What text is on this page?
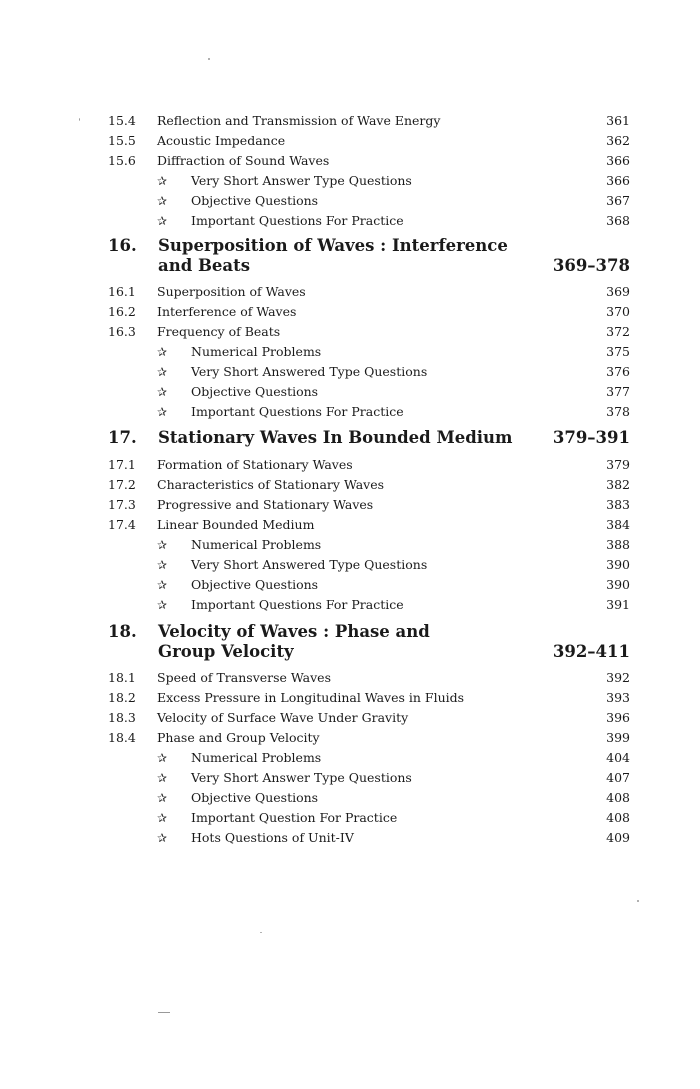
15.4 Reflection and Transmission of Wave Energy	361
15.5 Acoustic Impedance	362
15.6 Diffraction of Sound Waves	366
✰ Very Short Answer Type Questions	366
✰ Objective Questions	367
✰ Important Questions For Practice	368
16. Superposition of Waves : Interference
and Beats	369–378
16.1 Superposition of Waves	369
16.2 Interference of Waves	370
16.3 Frequency of Beats	372
✰ Numerical Problems	375
✰ Very Short Answered Type Questions	376
✰ Objective Questions	377
✰ Important Questions For Practice	378
17. Stationary Waves In Bounded Medium	379–391
17.1 Formation of Stationary Waves	379
17.2 Characteristics of Stationary Waves	382
17.3 Progressive and Stationary Waves	383
17.4 Linear Bounded Medium	384
✰ Numerical Problems	388
✰ Very Short Answered Type Questions	390
✰ Objective Questions	390
✰ Important Questions For Practice	391
18. Velocity of Waves : Phase and
Group Velocity	392–411
18.1 Speed of Transverse Waves	392
18.2 Excess Pressure in Longitudinal Waves in Fluids	393
18.3 Velocity of Surface Wave Under Gravity	396
18.4 Phase and Group Velocity	399
✰ Numerical Problems	404
✰ Very Short Answer Type Questions	407
✰ Objective Questions	408
✰ Important Question For Practice	408
✰ Hots Questions of Unit-IV	409
